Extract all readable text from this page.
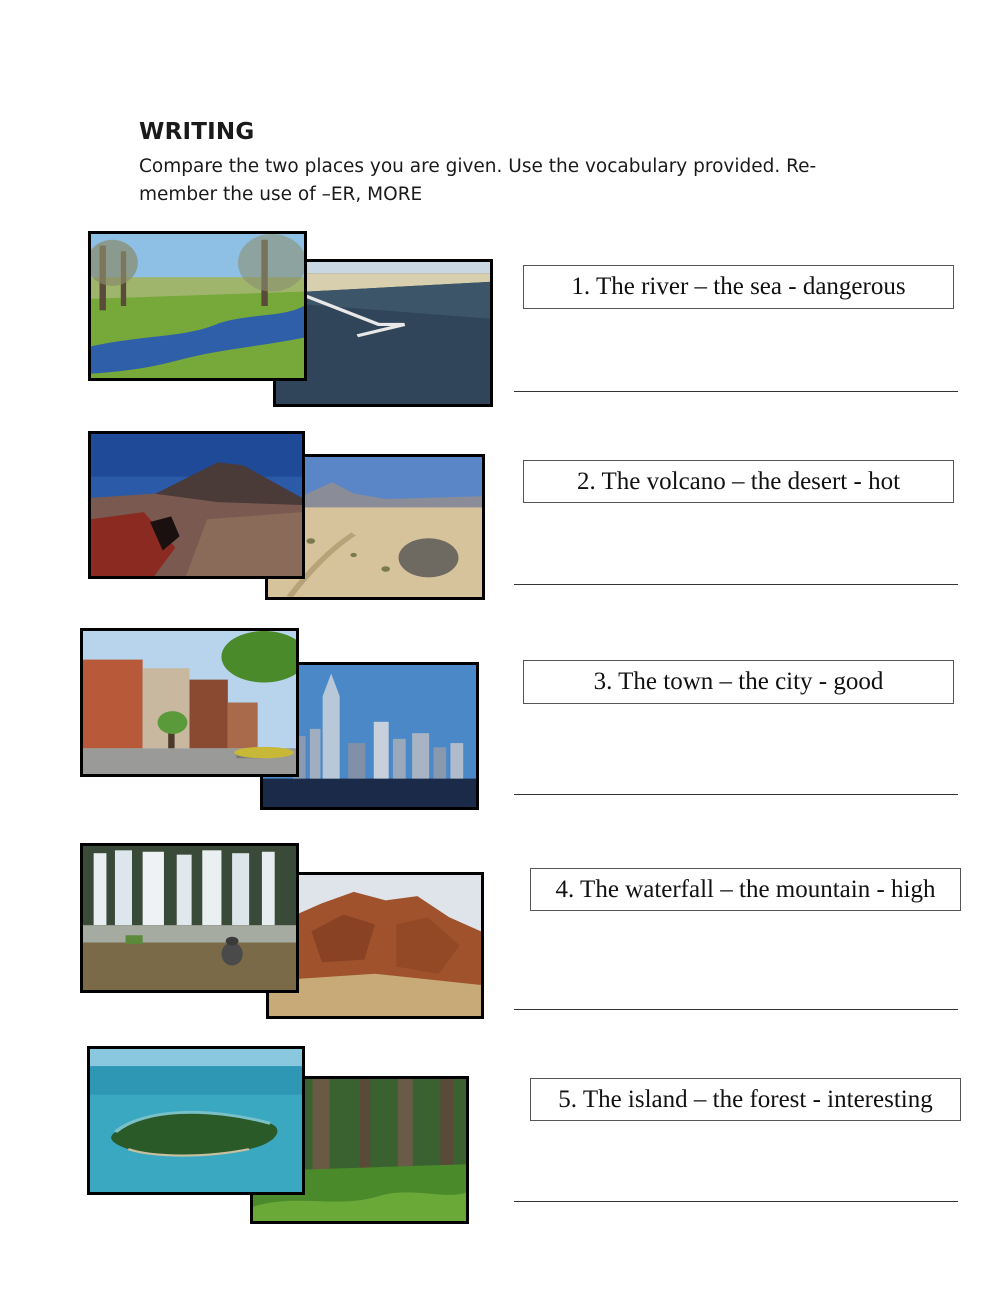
WRITING
Compare the two places you are given. Use the vocabulary provided. Re-
member the use of –ER, MORE
1. The river – the sea - dangerous
2. The volcano – the desert - hot
3. The town – the city - good
4. The waterfall – the mountain - high
5. The island – the forest - interesting
